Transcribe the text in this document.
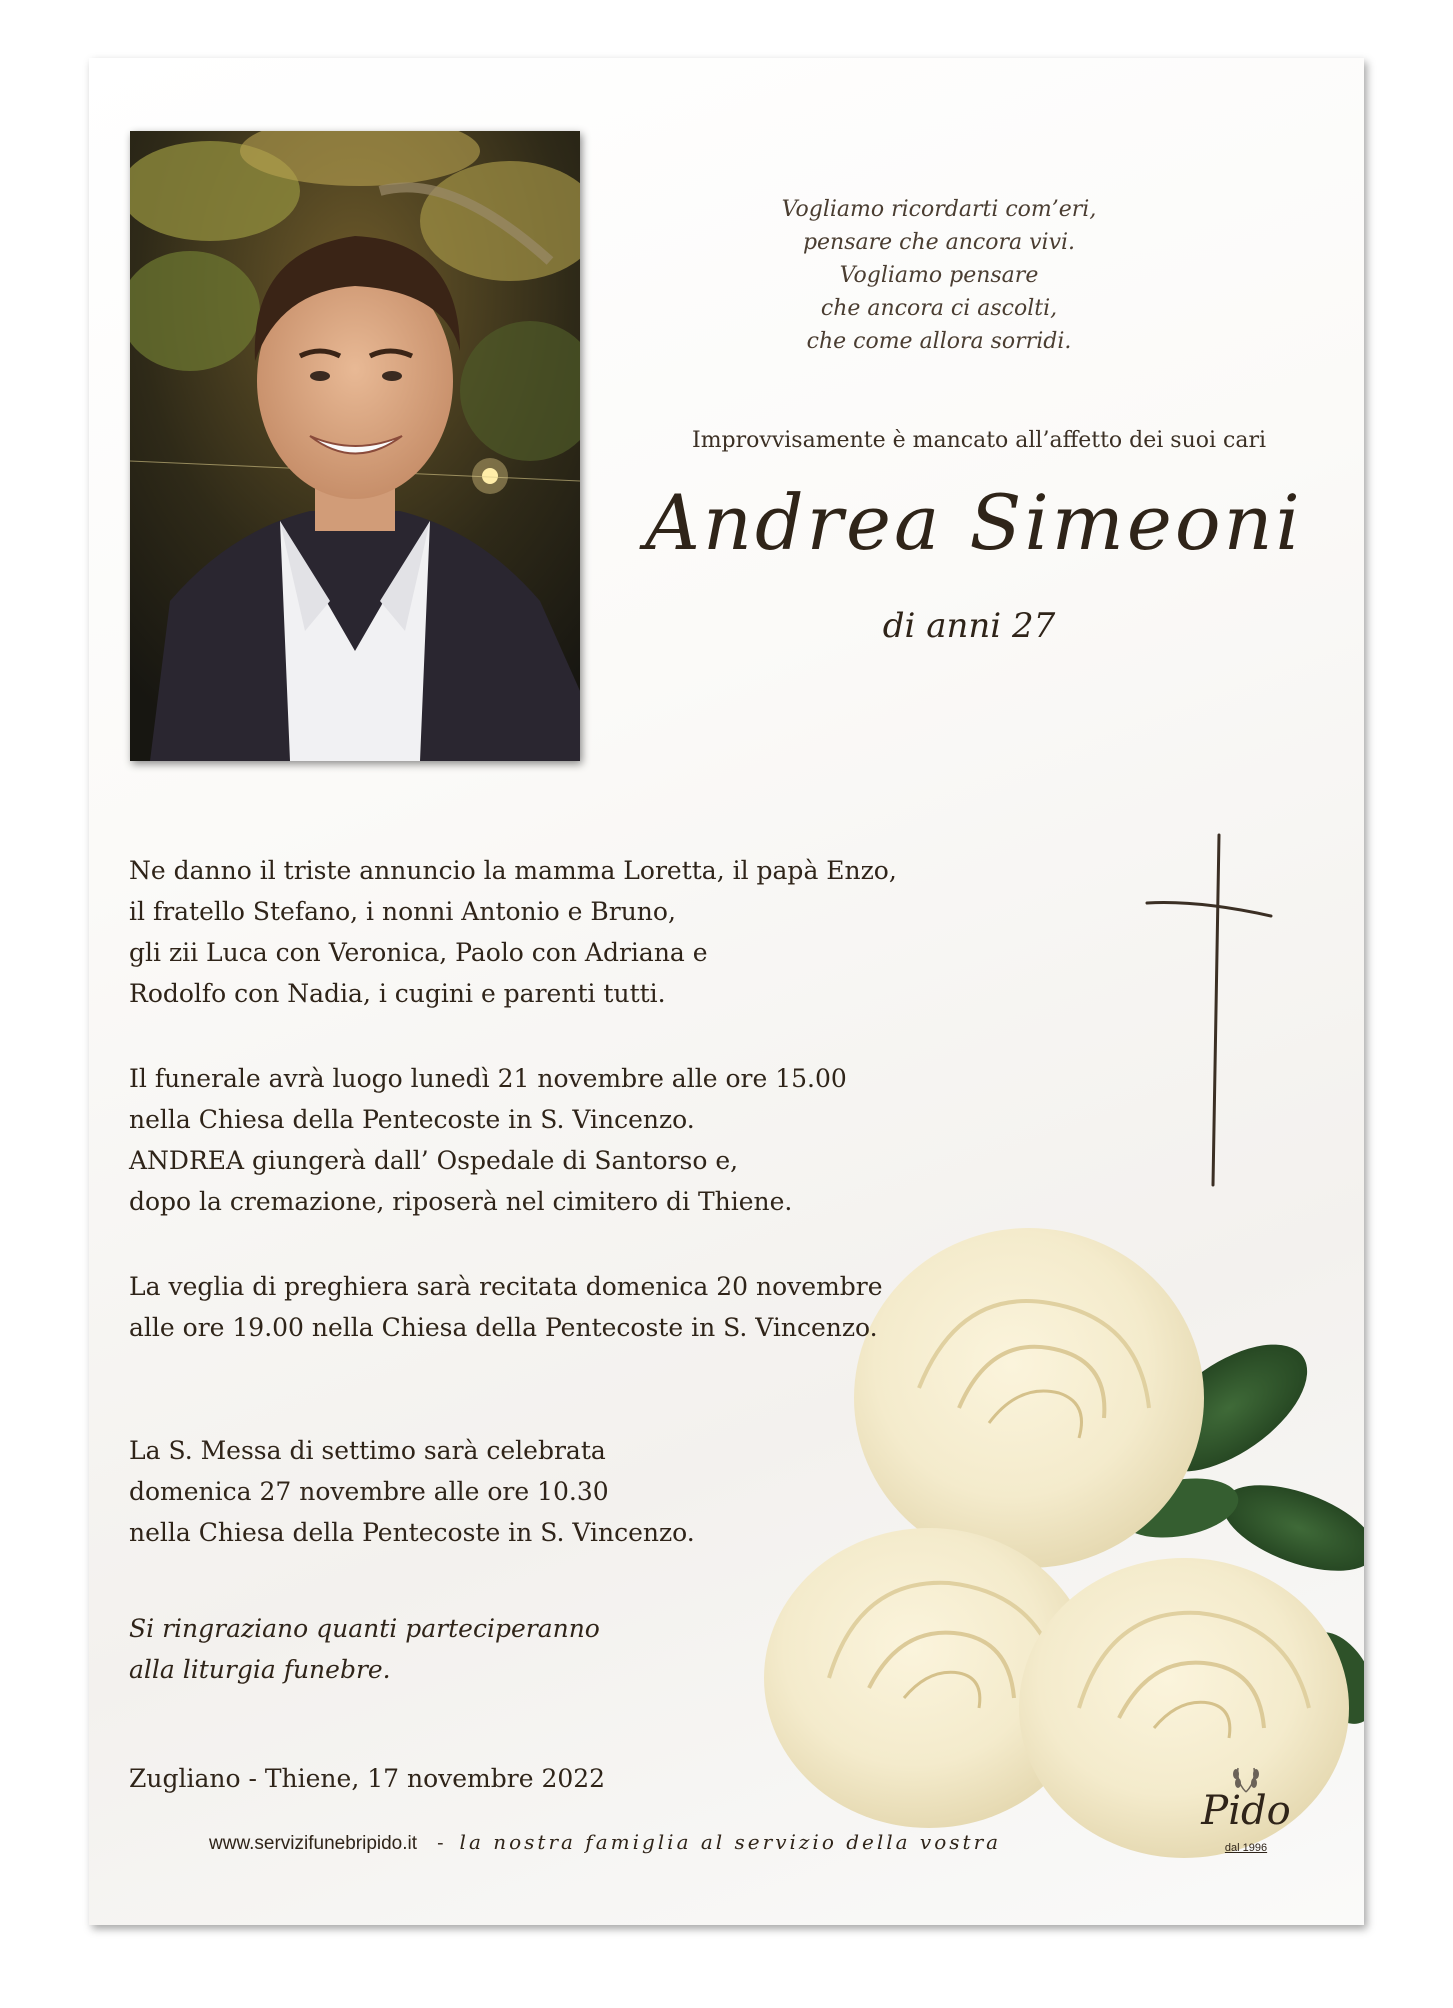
Vogliamo ricordarti com’eri,
pensare che ancora vivi.
Vogliamo pensare
che ancora ci ascolti,
che come allora sorridi.
Improvvisamente è mancato all’affetto dei suoi cari
Andrea Simeoni
di anni 27
Ne danno il triste annuncio la mamma Loretta, il papà Enzo,
il fratello Stefano, i nonni Antonio e Bruno,
gli zii Luca con Veronica, Paolo con Adriana e
Rodolfo con Nadia, i cugini e parenti tutti.
Il funerale avrà luogo lunedì 21 novembre alle ore 15.00
nella Chiesa della Pentecoste in S. Vincenzo.
ANDREA giungerà dall’ Ospedale di Santorso e,
dopo la cremazione, riposerà nel cimitero di Thiene.
La veglia di preghiera sarà recitata domenica 20 novembre
alle ore 19.00 nella Chiesa della Pentecoste in S. Vincenzo.
La S. Messa di settimo sarà celebrata
domenica 27 novembre alle ore 10.30
nella Chiesa della Pentecoste in S. Vincenzo.
Si ringraziano quanti parteciperanno
alla liturgia funebre.
Zugliano - Thiene, 17 novembre 2022
www.servizifunebripido.it - la nostra famiglia al servizio della vostra
Pido
dal 1996
